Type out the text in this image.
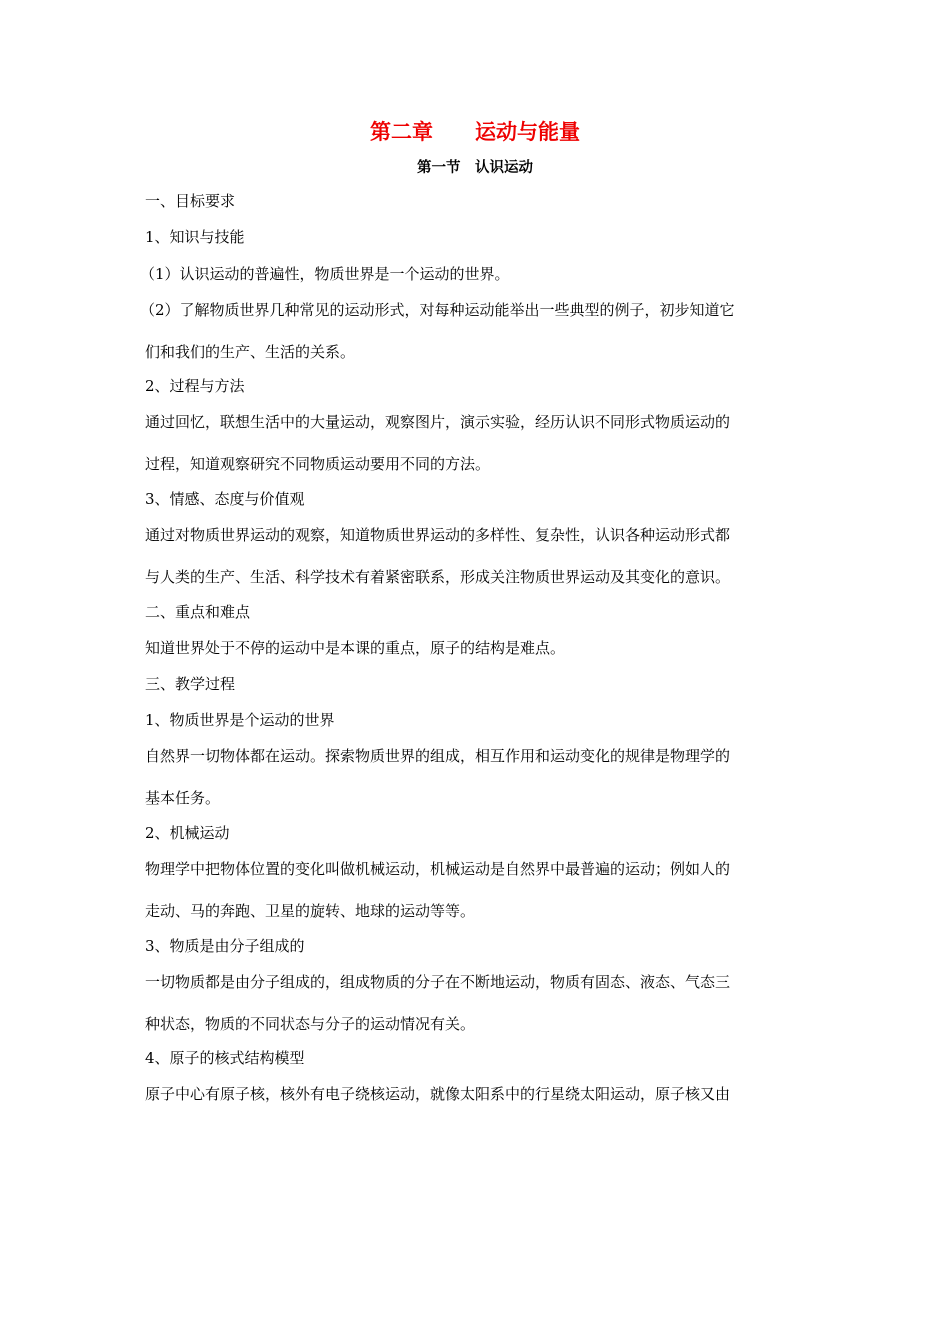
第二章　　运动与能量
第一节　认识运动
一、目标要求
1、知识与技能
（1）认识运动的普遍性，物质世界是一个运动的世界。
（2）了解物质世界几种常见的运动形式，对每种运动能举出一些典型的例子，初步知道它
们和我们的生产、生活的关系。
2、过程与方法
通过回忆，联想生活中的大量运动，观察图片，演示实验，经历认识不同形式物质运动的
过程，知道观察研究不同物质运动要用不同的方法。
3、情感、态度与价值观
通过对物质世界运动的观察，知道物质世界运动的多样性、复杂性，认识各种运动形式都
与人类的生产、生活、科学技术有着紧密联系，形成关注物质世界运动及其变化的意识。
二、重点和难点
知道世界处于不停的运动中是本课的重点，原子的结构是难点。
三、教学过程
1、物质世界是个运动的世界
自然界一切物体都在运动。探索物质世界的组成，相互作用和运动变化的规律是物理学的
基本任务。
2、机械运动
物理学中把物体位置的变化叫做机械运动，机械运动是自然界中最普遍的运动；例如人的
走动、马的奔跑、卫星的旋转、地球的运动等等。
3、物质是由分子组成的
一切物质都是由分子组成的，组成物质的分子在不断地运动，物质有固态、液态、气态三
种状态，物质的不同状态与分子的运动情况有关。
4、原子的核式结构模型
原子中心有原子核，核外有电子绕核运动，就像太阳系中的行星绕太阳运动，原子核又由
